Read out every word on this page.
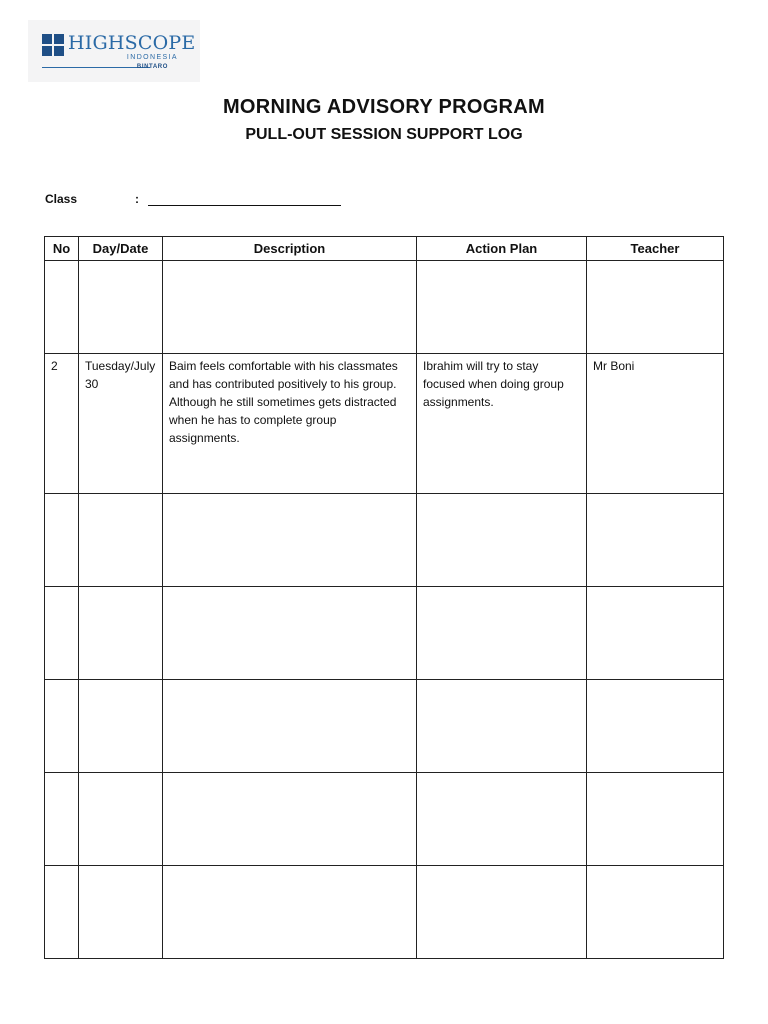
HIGHSCOPE
INDONESIA
BINTARO
MORNING ADVISORY PROGRAM
PULL-OUT SESSION SUPPORT LOG
Class	:
No	Day/Date	Description	Action Plan	Teacher

2	Tuesday/July 30	Baim feels comfortable with his classmates and has contributed positively to his group. Although he still sometimes gets distracted when he has to complete group assignments.	Ibrahim will try to stay focused when doing group assignments.	Mr Boni
